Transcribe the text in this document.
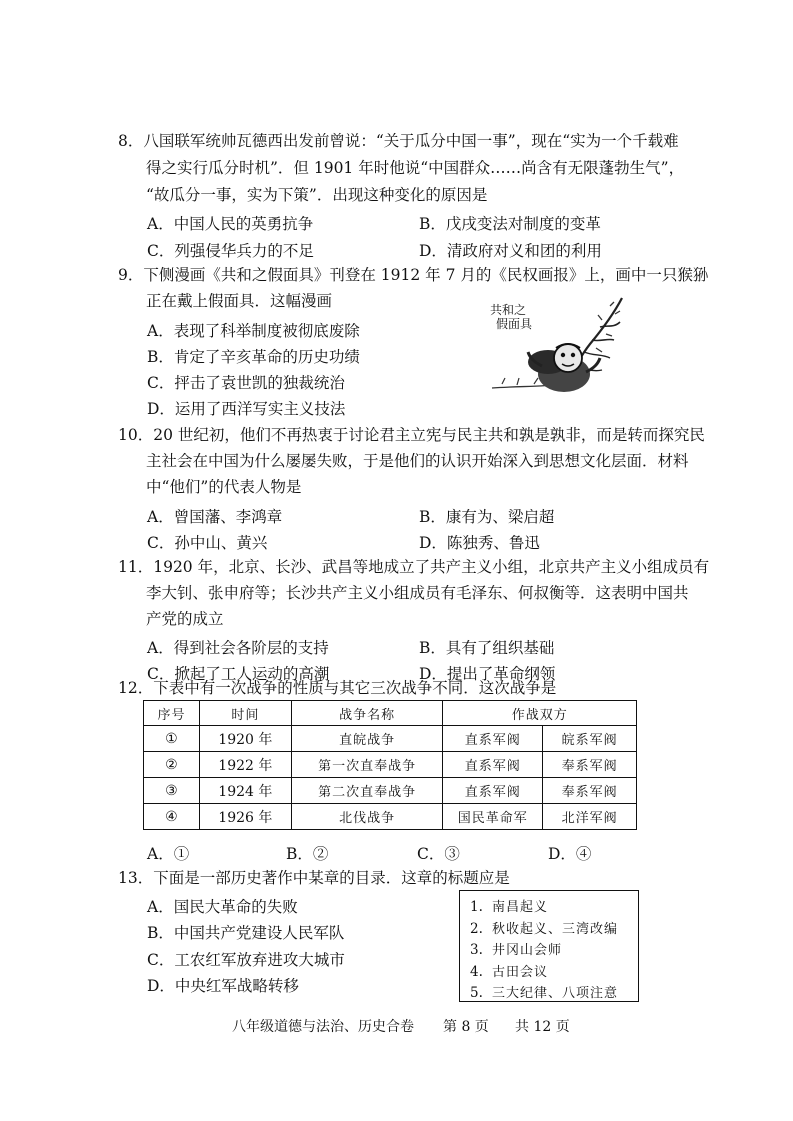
8．八国联军统帅瓦德西出发前曾说：“关于瓜分中国一事”，现在“实为一个千载难
得之实行瓜分时机”．但 1901 年时他说“中国群众……尚含有无限蓬勃生气”，
“故瓜分一事，实为下策”．出现这种变化的原因是
A．中国人民的英勇抗争	B．戊戌变法对制度的变革
C．列强侵华兵力的不足	D．清政府对义和团的利用
9．下侧漫画《共和之假面具》刊登在 1912 年 7 月的《民权画报》上，画中一只猴狲
正在戴上假面具．这幅漫画
A．表现了科举制度被彻底废除
B．肯定了辛亥革命的历史功绩
C．抨击了袁世凯的独裁统治
D．运用了西洋写实主义技法
共和之
假面具
10．20 世纪初，他们不再热衷于讨论君主立宪与民主共和孰是孰非，而是转而探究民
主社会在中国为什么屡屡失败，于是他们的认识开始深入到思想文化层面．材料
中“他们”的代表人物是
A．曾国藩、李鸿章	B．康有为、梁启超
C．孙中山、黄兴	D．陈独秀、鲁迅
11．1920 年，北京、长沙、武昌等地成立了共产主义小组，北京共产主义小组成员有
李大钊、张申府等；长沙共产主义小组成员有毛泽东、何叔衡等．这表明中国共
产党的成立
A．得到社会各阶层的支持	B．具有了组织基础
C．掀起了工人运动的高潮	D．提出了革命纲领
12．下表中有一次战争的性质与其它三次战争不同．这次战争是
序号	时间	战争名称	作战双方	
①	1920 年	直皖战争	直系军阀	皖系军阀
②	1922 年	第一次直奉战争	直系军阀	奉系军阀
③	1924 年	第二次直奉战争	直系军阀	奉系军阀
④	1926 年	北伐战争	国民革命军	北洋军阀
A．①	B．②	C．③	D．④
13．下面是一部历史著作中某章的目录．这章的标题应是
A．国民大革命的失败
B．中国共产党建设人民军队
C．工农红军放弃进攻大城市
D．中央红军战略转移
1. 南昌起义
2. 秋收起义、三湾改编
3. 井冈山会师
4. 古田会议
5. 三大纪律、八项注意
八年级道德与法治、历史合卷 第 8 页 共 12 页
